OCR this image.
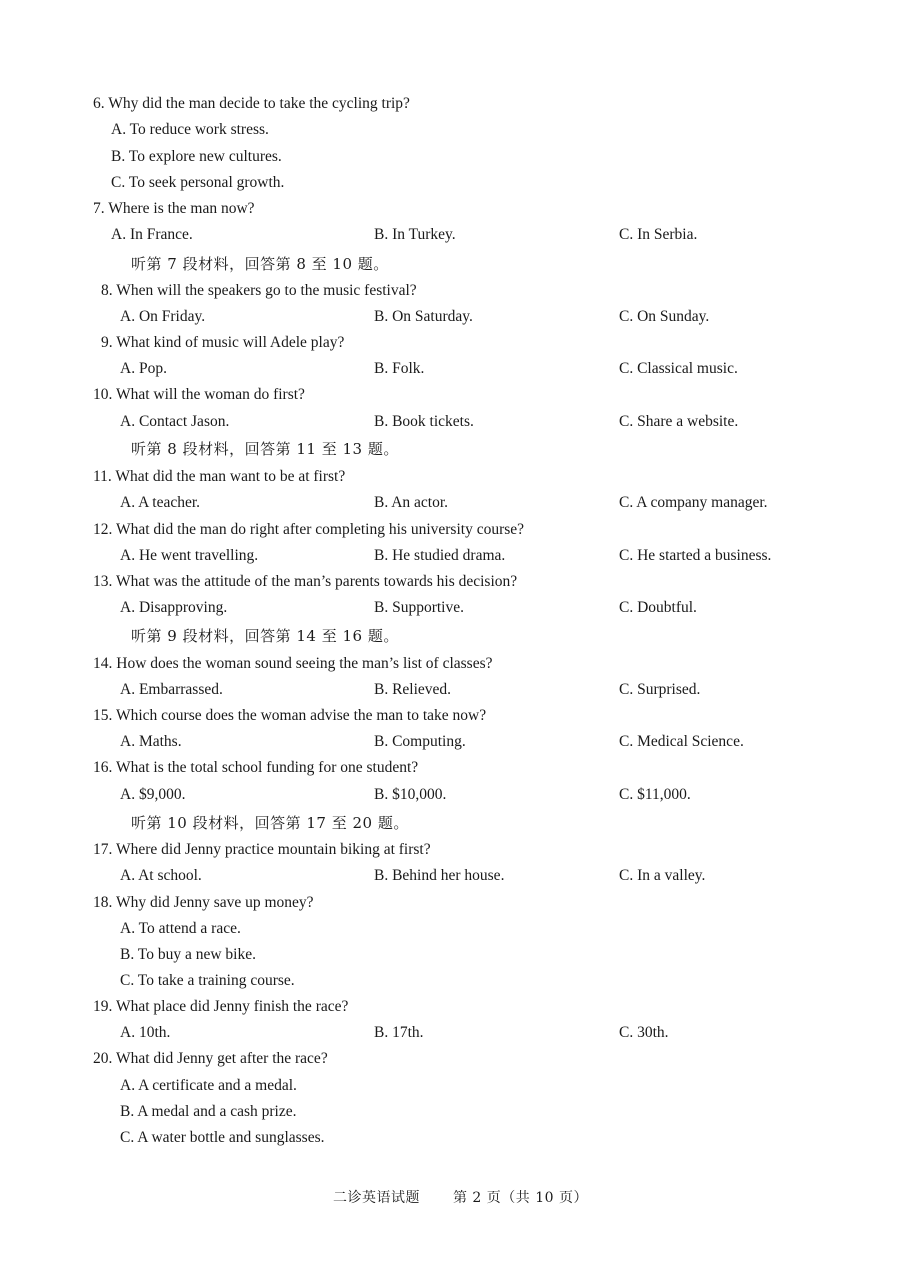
6. Why did the man decide to take the cycling trip?
A. To reduce work stress.
B. To explore new cultures.
C. To seek personal growth.
7. Where is the man now?
A. In France.	B. In Turkey.	C. In Serbia.
听第 7 段材料，回答第 8 至 10 题。
8. When will the speakers go to the music festival?
A. On Friday.	B. On Saturday.	C. On Sunday.
9. What kind of music will Adele play?
A. Pop.	B. Folk.	C. Classical music.
10. What will the woman do first?
A. Contact Jason.	B. Book tickets.	C. Share a website.
听第 8 段材料，回答第 11 至 13 题。
11. What did the man want to be at first?
A. A teacher.	B. An actor.	C. A company manager.
12. What did the man do right after completing his university course?
A. He went travelling.	B. He studied drama.	C. He started a business.
13. What was the attitude of the man’s parents towards his decision?
A. Disapproving.	B. Supportive.	C. Doubtful.
听第 9 段材料，回答第 14 至 16 题。
14. How does the woman sound seeing the man’s list of classes?
A. Embarrassed.	B. Relieved.	C. Surprised.
15. Which course does the woman advise the man to take now?
A. Maths.	B. Computing.	C. Medical Science.
16. What is the total school funding for one student?
A. $9,000.	B. $10,000.	C. $11,000.
听第 10 段材料，回答第 17 至 20 题。
17. Where did Jenny practice mountain biking at first?
A. At school.	B. Behind her house.	C. In a valley.
18. Why did Jenny save up money?
A. To attend a race.
B. To buy a new bike.
C. To take a training course.
19. What place did Jenny finish the race?
A. 10th.	B. 17th.	C. 30th.
20. What did Jenny get after the race?
A. A certificate and a medal.
B. A medal and a cash prize.
C. A water bottle and sunglasses.
二诊英语试题 第 2 页（共 10 页）
